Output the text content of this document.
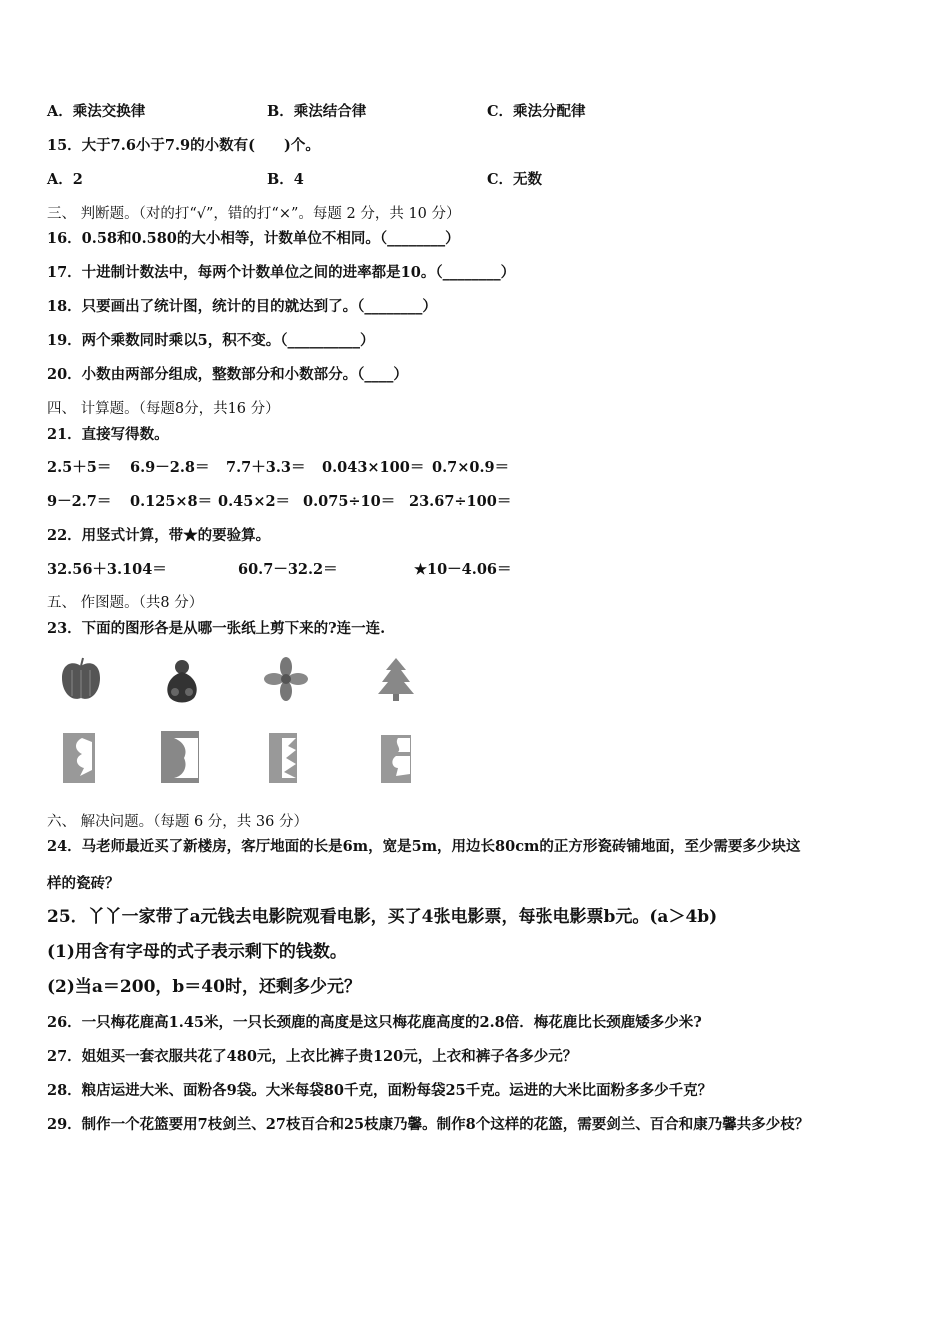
A．乘法交换律	B．乘法结合律	C．乘法分配律
15．大于7.6小于7.9的小数有(　　)个。
A．2	B．4	C．无数
三、 判断题。（对的打“√”，错的打“×”。每题 2 分，共 10 分）
16．0.58和0.580的大小相等，计数单位不相同。（________）
17．十进制计数法中，每两个计数单位之间的进率都是10。（________）
18．只要画出了统计图，统计的目的就达到了。（________）
19．两个乘数同时乘以5，积不变。（__________）
20．小数由两部分组成，整数部分和小数部分。（____）
四、 计算题。（每题8分，共16 分）
21．直接写得数。
2.5＋5＝ 6.9－2.8＝ 7.7＋3.3＝ 0.043×100＝ 0.7×0.9＝
9－2.7＝ 0.125×8＝ 0.45×2＝ 0.075÷10＝ 23.67÷100＝
22．用竖式计算，带★的要验算。
32.56＋3.104＝	60.7－32.2＝	★10－4.06＝
五、 作图题。（共8 分）
23．下面的图形各是从哪一张纸上剪下来的?连一连.
六、 解决问题。（每题 6 分，共 36 分）
24．马老师最近买了新楼房，客厅地面的长是6m，宽是5m，用边长80cm的正方形瓷砖铺地面，至少需要多少块这
样的瓷砖？
25．丫丫一家带了a元钱去电影院观看电影，买了4张电影票，每张电影票b元。(a＞4b)
(1)用含有字母的式子表示剩下的钱数。
(2)当a＝200，b＝40时，还剩多少元？
26．一只梅花鹿高1.45米，一只长颈鹿的高度是这只梅花鹿高度的2.8倍．梅花鹿比长颈鹿矮多少米?
27．姐姐买一套衣服共花了480元，上衣比裤子贵120元，上衣和裤子各多少元？
28．粮店运进大米、面粉各9袋。大米每袋80千克，面粉每袋25千克。运进的大米比面粉多多少千克？
29．制作一个花篮要用7枝剑兰、27枝百合和25枝康乃馨。制作8个这样的花篮，需要剑兰、百合和康乃馨共多少枝？
